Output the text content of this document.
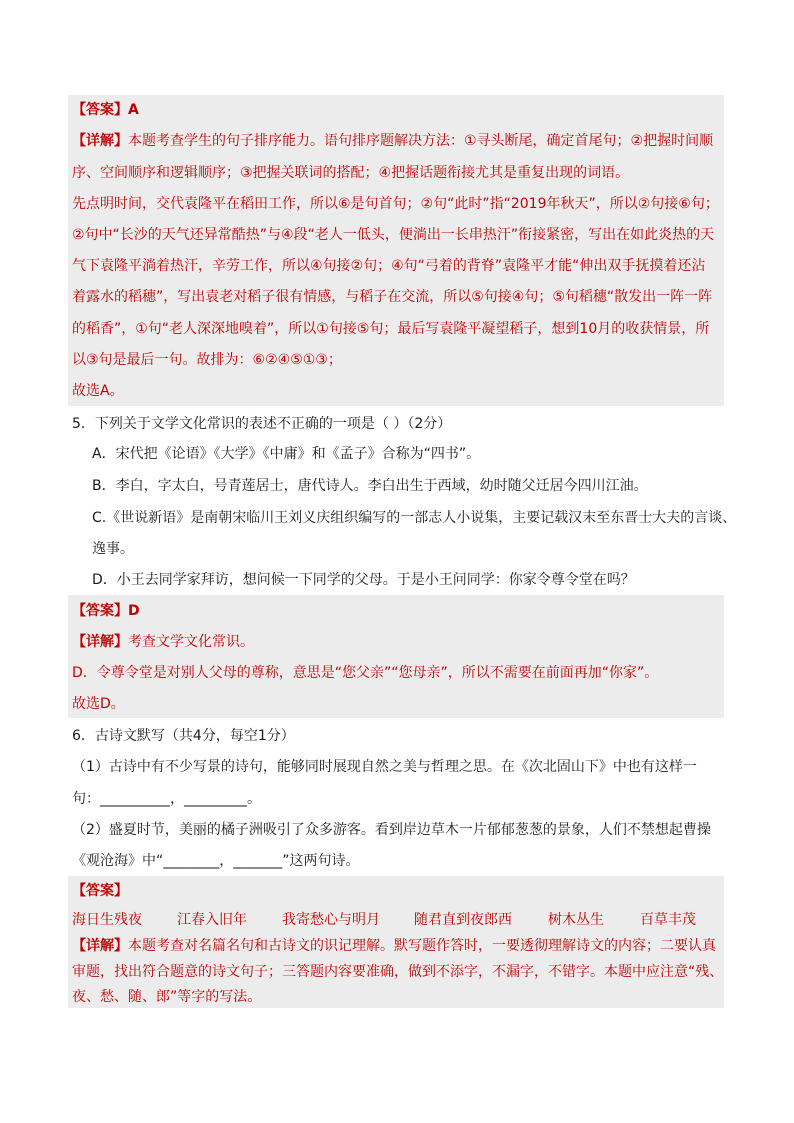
【答案】A
【详解】本题考查学生的句子排序能力。语句排序题解决方法：①寻头断尾，确定首尾句；②把握时间顺
序、空间顺序和逻辑顺序；③把握关联词的搭配；④把握话题衔接尤其是重复出现的词语。
先点明时间，交代袁隆平在稻田工作，所以⑥是句首句；②句“此时”指“2019年秋天”，所以②句接⑥句；
②句中“长沙的天气还异常酷热”与④段“老人一低头，便淌出一长串热汗”衔接紧密，写出在如此炎热的天
气下袁隆平淌着热汗，辛劳工作，所以④句接②句；④句“弓着的背脊”袁隆平才能“伸出双手抚摸着还沾
着露水的稻穗”，写出袁老对稻子很有情感，与稻子在交流，所以⑤句接④句；⑤句稻穗“散发出一阵一阵
的稻香”，①句“老人深深地嗅着”，所以①句接⑤句；最后写袁隆平凝望稻子，想到10月的收获情景，所
以③句是最后一句。故排为：⑥②④⑤①③；
故选A。
5．下列关于文学文化常识的表述不正确的一项是（ ）（2分）
A．宋代把《论语》《大学》《中庸》和《孟子》合称为“四书”。
B．李白，字太白，号青莲居士，唐代诗人。李白出生于西域，幼时随父迁居今四川江油。
C.《世说新语》是南朝宋临川王刘义庆组织编写的一部志人小说集，主要记载汉末至东晋士大夫的言谈、
逸事。
D．小王去同学家拜访，想问候一下同学的父母。于是小王问同学：你家令尊令堂在吗？
【答案】D
【详解】考查文学文化常识。
D．令尊令堂是对别人父母的尊称，意思是“您父亲”“您母亲”，所以不需要在前面再加“你家”。
故选D。
6．古诗文默写（共4分，每空1分）
（1）古诗中有不少写景的诗句，能够同时展现自然之美与哲理之思。在《次北固山下》中也有这样一
句：__________，_________。
（2）盛夏时节，美丽的橘子洲吸引了众多游客。看到岸边草木一片郁郁葱葱的景象，人们不禁想起曹操
《观沧海》中“________，_______”这两句诗。
【答案】
海日生残夜	江春入旧年	我寄愁心与明月 随君直到夜郎西	树木丛生	百草丰茂
【详解】本题考查对名篇名句和古诗文的识记理解。默写题作答时，一要透彻理解诗文的内容；二要认真
审题，找出符合题意的诗文句子；三答题内容要准确，做到不添字，不漏字，不错字。本题中应注意“残、
夜、愁、随、郎”等字的写法。
